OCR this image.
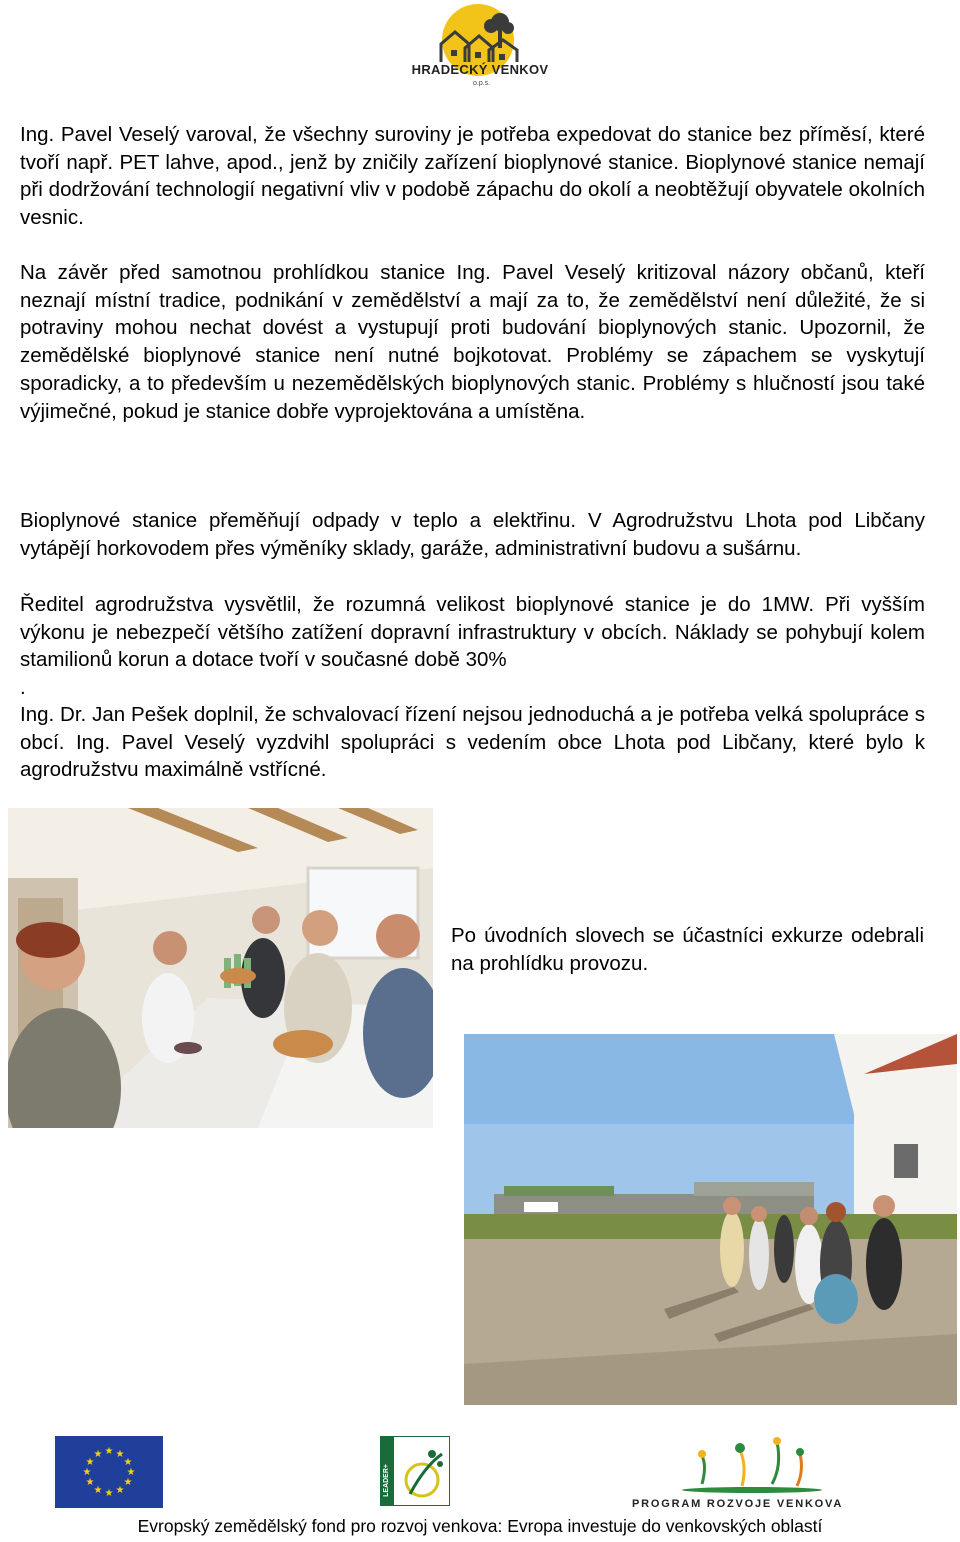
HRADECKÝ VENKOV
o.p.s.

Ing. Pavel Veselý varoval, že všechny suroviny je potřeba expedovat do stanice bez příměsí, které tvoří např. PET lahve, apod., jenž by zničily zařízení bioplynové stanice. Bioplynové stanice nemají při dodržování technologií negativní vliv v podobě zápachu do okolí a neobtěžují obyvatele okolních vesnic.

Na závěr před samotnou prohlídkou stanice Ing. Pavel Veselý kritizoval názory občanů, kteří neznají místní tradice, podnikání v zemědělství a mají za to, že zemědělství není důležité, že si potraviny mohou nechat dovést a vystupují proti budování bioplynových stanic. Upozornil, že zemědělské bioplynové stanice není nutné bojkotovat. Problémy se zápachem se vyskytují sporadicky, a to především u nezemědělských bioplynových stanic. Problémy s hlučností jsou také výjimečné, pokud je stanice dobře vyprojektována a umístěna.

Bioplynové stanice přeměňují odpady v teplo a elektřinu. V Agrodružstvu Lhota pod Libčany vytápějí horkovodem přes výměníky sklady, garáže, administrativní budovu a sušárnu.

Ředitel agrodružstva vysvětlil, že rozumná velikost bioplynové stanice je do 1MW. Při vyšším výkonu je nebezpečí většího zatížení dopravní infrastruktury v obcích. Náklady se pohybují kolem stamilionů korun a dotace tvoří v současné době 30%

.

Ing. Dr. Jan Pešek doplnil, že schvalovací řízení nejsou jednoduchá a je potřeba velká spolupráce s obcí. Ing. Pavel Veselý vyzdvihl spolupráci s vedením obce Lhota pod Libčany, které bylo k agrodružstvu maximálně vstřícné.

Po úvodních slovech se účastníci exkurze odebrali na prohlídku provozu.

★ ★
★
★
★
★
★
★
★
★
★
★
LEADER+
PROGRAM ROZVOJE VENKOVA
Evropský zemědělský fond pro rozvoj venkova: Evropa investuje do venkovských oblastí
